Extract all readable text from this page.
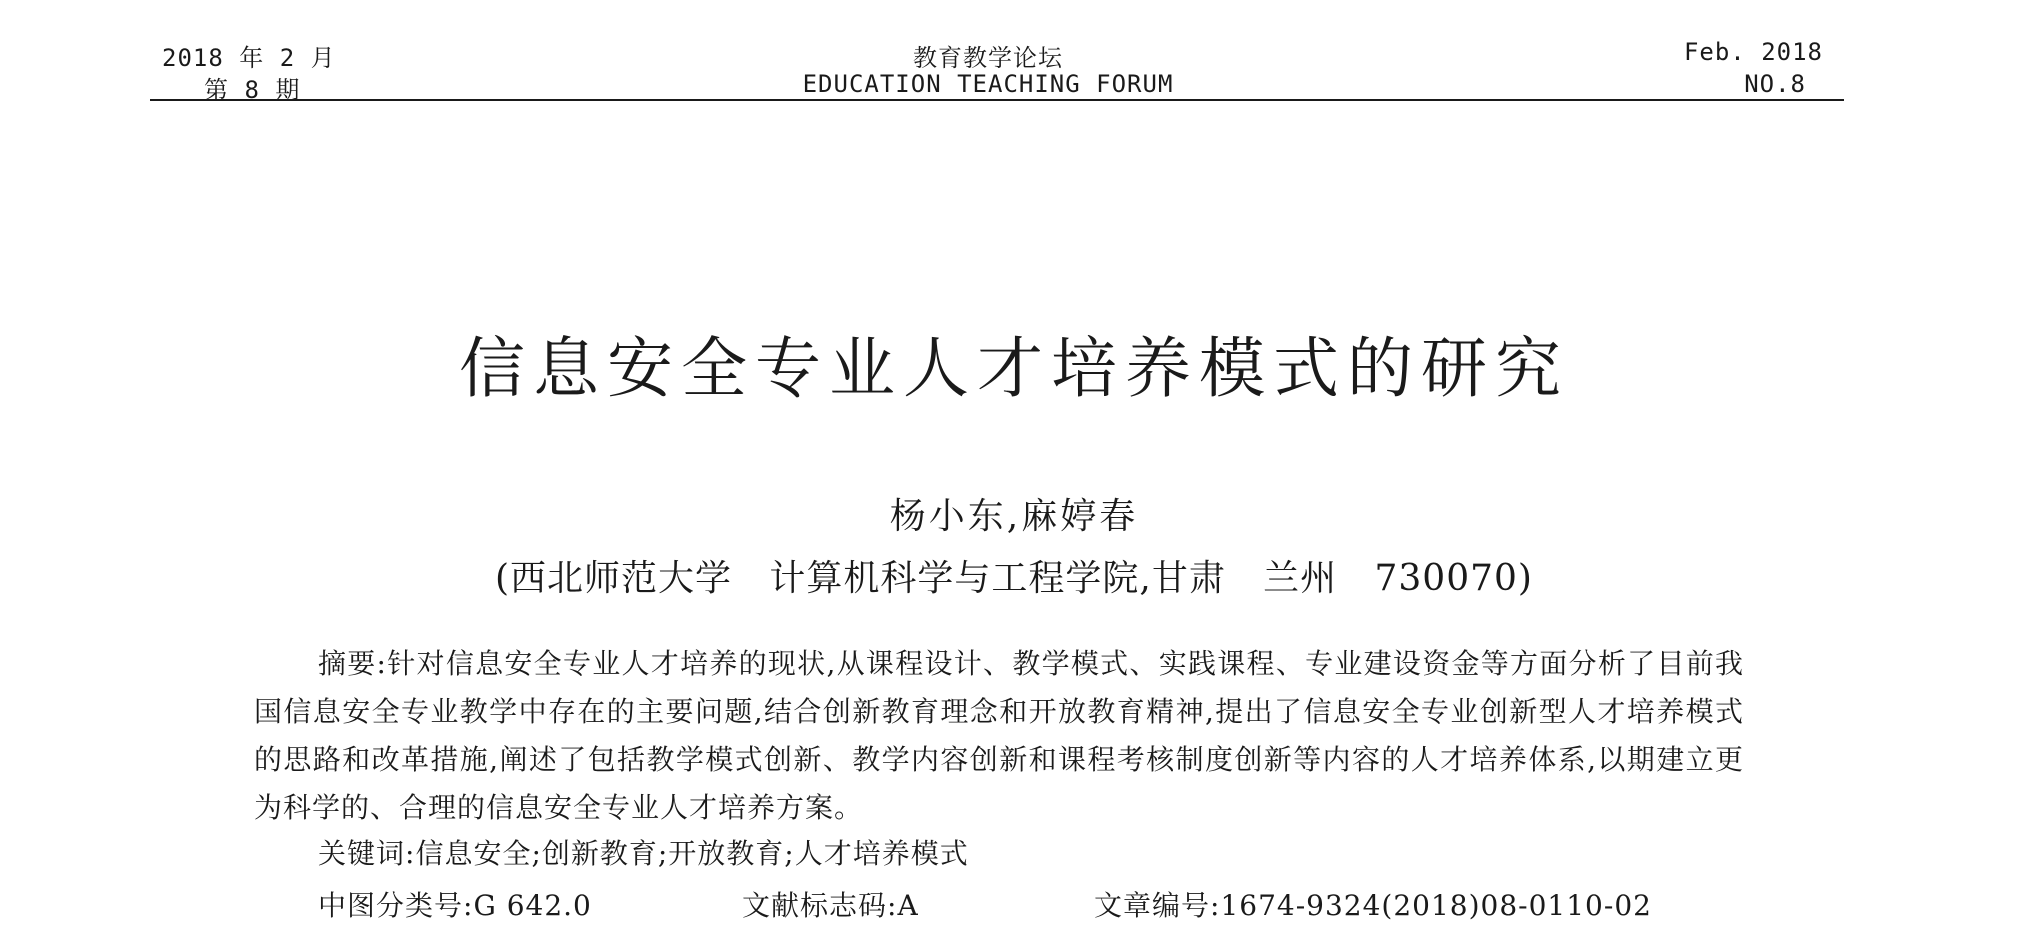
2018 年 2 月
第 8 期
教育教学论坛
EDUCATION TEACHING FORUM
Feb. 2018
NO.8
信息安全专业人才培养模式的研究
杨小东,麻婷春
(西北师范大学   计算机科学与工程学院,甘肃   兰州   730070)
摘要:针对信息安全专业人才培养的现状,从课程设计、教学模式、实践课程、专业建设资金等方面分析了目前我国信息安全专业教学中存在的主要问题,结合创新教育理念和开放教育精神,提出了信息安全专业创新型人才培养模式的思路和改革措施,阐述了包括教学模式创新、教学内容创新和课程考核制度创新等内容的人才培养体系,以期建立更为科学的、合理的信息安全专业人才培养方案。
关键词:信息安全;创新教育;开放教育;人才培养模式
中图分类号:G 642.0	文献标志码:A	文章编号:1674-9324(2018)08-0110-02
